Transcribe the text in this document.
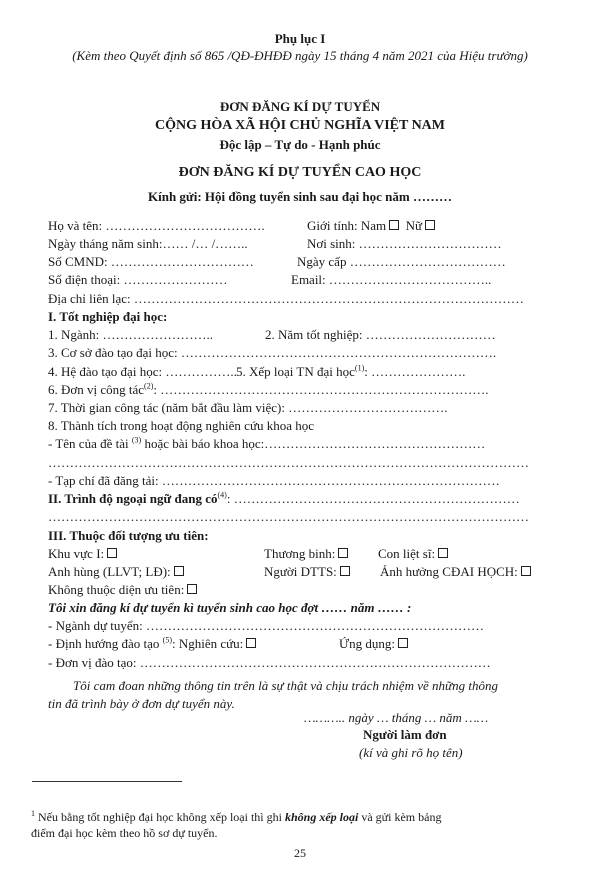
Phụ lục I
(Kèm theo Quyết định số 865 /QĐ-ĐHĐĐ ngày 15 tháng 4 năm 2021 của Hiệu trưởng)
ĐƠN ĐĂNG KÍ DỰ TUYỂN
CỘNG HÒA XÃ HỘI CHỦ NGHĨA VIỆT NAM
Độc lập – Tự do - Hạnh phúc
ĐƠN ĐĂNG KÍ DỰ TUYỂN CAO HỌC
Kính gửi: Hội đồng tuyển sinh sau đại học năm ………
Họ và tên: ……………………………….	Giới tính: Nam Nữ
Ngày tháng năm sinh:…… /… /……..	Nơi sinh: ……………………………
Số CMND: ……………………………	Ngày cấp ………………………………
Số điện thoại: ……………………	Email: ………………………………..
Địa chỉ liên lạc: ………………………………………………………………………………
I. Tốt nghiệp đại học:
1. Ngành: ……………………..	2. Năm tốt nghiệp: …………………………
3. Cơ sở đào tạo đại học: ……………………………………………………………….
4. Hệ đào tạo đại học: …………….. 5. Xếp loại TN đại học$^{(1)}$: ………………….
6. Đơn vị công tác$^{(2)}$: ………………………………………………………………….
7. Thời gian công tác (năm bắt đầu làm việc): ……………………………….
8. Thành tích trong hoạt động nghiên cứu khoa học
- Tên của đề tài $^{(3)}$ hoặc bài báo khoa học:……………………………………………
…………………………………………………………………………………………………
- Tạp chí đã đăng tải: ……………………………………………………………………
II. Trình độ ngoại ngữ đang $có^{(4)}$: …………………………………………………………
…………………………………………………………………………………………………
III. Thuộc đối tượng ưu tiên:
Khu vực I:	Thương binh:	Con liệt sĩ:
Anh hùng (LLVT; LĐ):	Người DTTS:	Ảnh hưởng CĐAI HỌCH:
Không thuộc diện ưu tiên:
Tôi xin đăng kí dự tuyển kì tuyển sinh cao học đợt …… năm …… :
- Ngành dự tuyển: ……………………………………………………………………
- Định hướng đào tạo $^{(5)}$: Nghiên cứu:	Ứng dụng:
- Đơn vị đào tạo: ………………………………………………………………………
Tôi cam đoan những thông tin trên là sự thật và chịu trách nhiệm về những thông
tin đã trình bày ở đơn dự tuyển này.
……….. ngày … tháng … năm ……
Người làm đơn
(kí và ghi rõ họ tên)
$^1$ Nếu bằng tốt nghiệp đại học không xếp loại thì ghi không xếp loại và gửi kèm bảng
điểm đại học kèm theo hồ sơ dự tuyển.
25
